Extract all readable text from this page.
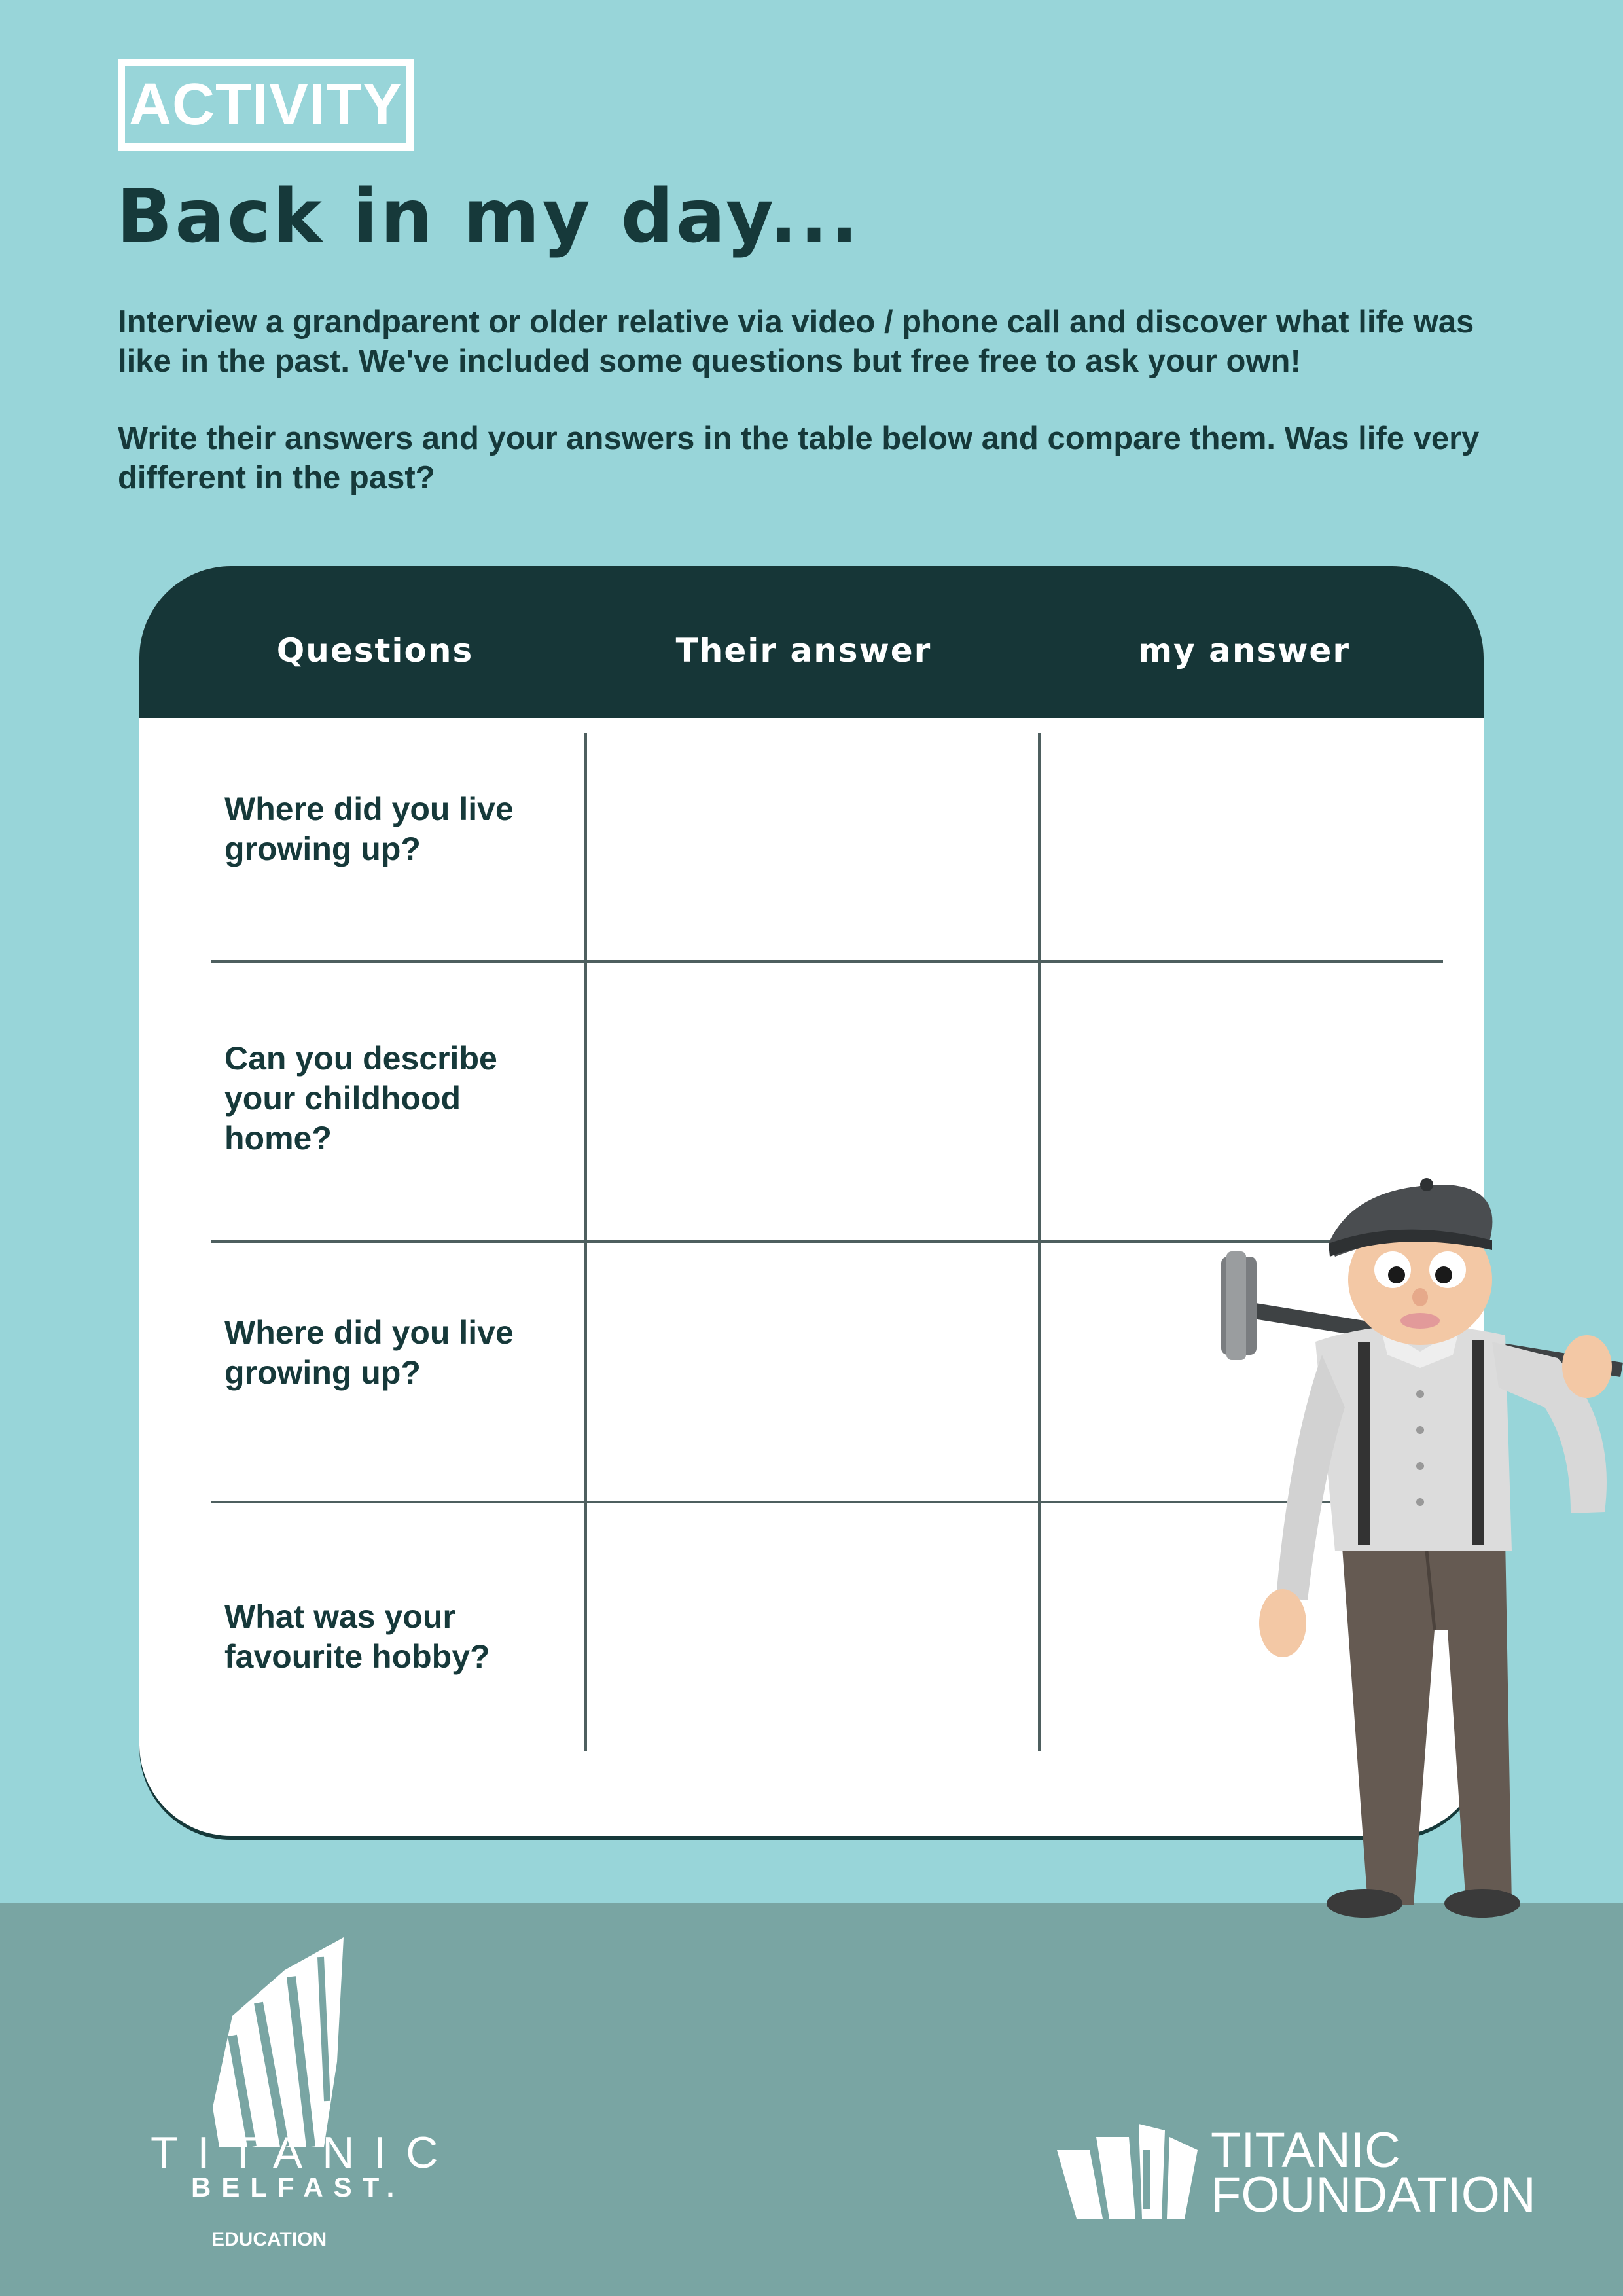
ACTIVITY
Back in my day...

Interview a grandparent or older relative via video / phone call and discover what life was like in the past. We've included some questions but free free to ask your own!

Write their answers and your answers in the table below and compare them. Was life very different in the past?

Questions	Their answer	my answer

Where did you live growing up?

Can you describe your childhood home?

Where did you live growing up?

What was your favourite hobby?

TITANIC
BELFAST.
EDUCATION
TITANIC
FOUNDATION
